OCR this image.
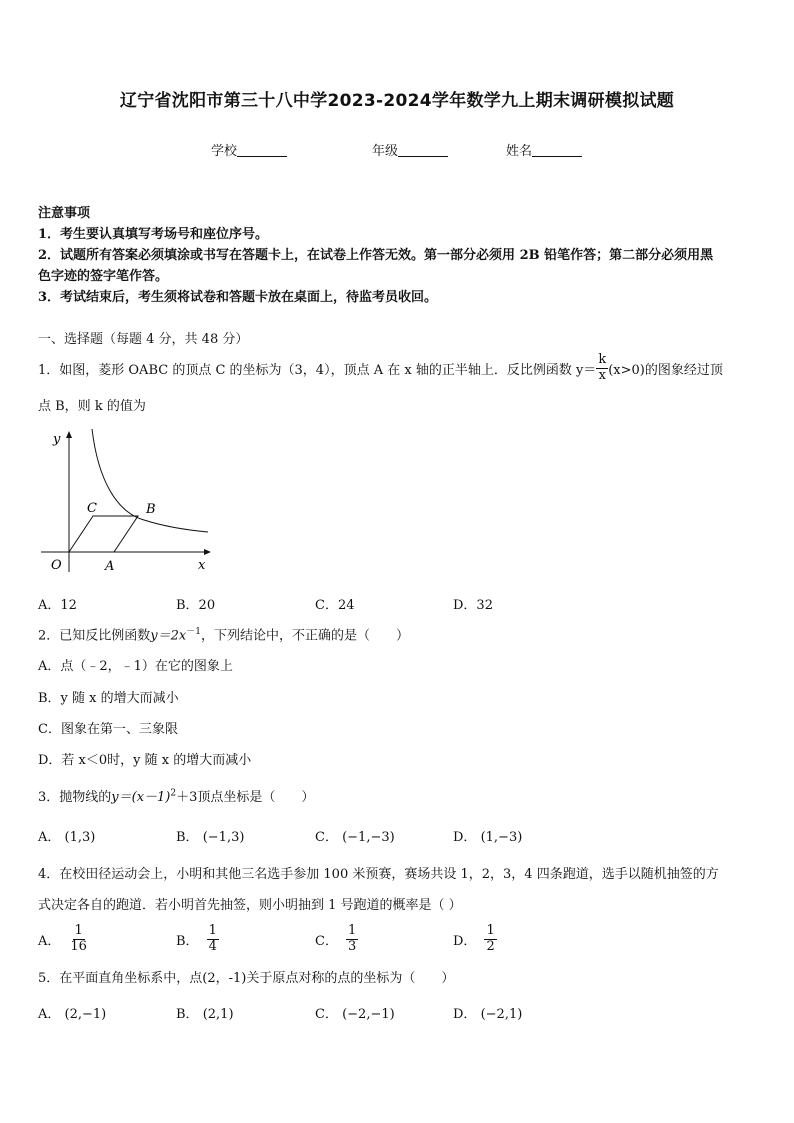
辽宁省沈阳市第三十八中学2023-2024学年数学九上期末调研模拟试题
学校	年级	姓名
注意事项
1．考生要认真填写考场号和座位序号。
2．试题所有答案必须填涂或书写在答题卡上，在试卷上作答无效。第一部分必须用 2B 铅笔作答；第二部分必须用黑
色字迹的签字笔作答。
3．考试结束后，考生须将试卷和答题卡放在桌面上，待监考员收回。
一、选择题（每题 4 分，共 48 分）
1．如图，菱形 OABC 的顶点 C 的坐标为（3，4），顶点 A 在 x 轴的正半轴上．反比例函数 $y= \frac{k}{x} (x>0)$的图象经过顶
点 B，则 k 的值为
y
x
O	A
B
C
A．12	B．20	C．24	D．32
2．已知反比例函数$y=2x^{-1}$，下列结论中，不正确的是（　　）
A．点（﹣2，﹣1）在它的图象上
B．y 随 x 的增大而减小
C．图象在第一、三象限
D．若 x＜0时，y 随 x 的增大而减小
3．抛物线的$y=(x-1)^2+3$顶点坐标是（　　）
A． (1,3)	B． (−1,3)	C． (−1,−3)	D． (1,−3)
4．在校田径运动会上，小明和其他三名选手参加 100 米预赛，赛场共设 1，2，3，4 四条跑道，选手以随机抽签的方
式决定各自的跑道．若小明首先抽签，则小明抽到 1 号跑道的概率是（ ）
A． $\frac{1}{16}$	B． $\frac{1}{4}$	C． $\frac{1}{3}$	D． $\frac{1}{2}$
5．在平面直角坐标系中，点(2，-1)关于原点对称的点的坐标为（　　）
A． (2,−1)	B． (2,1)	C． (−2,−1)	D． (−2,1)
